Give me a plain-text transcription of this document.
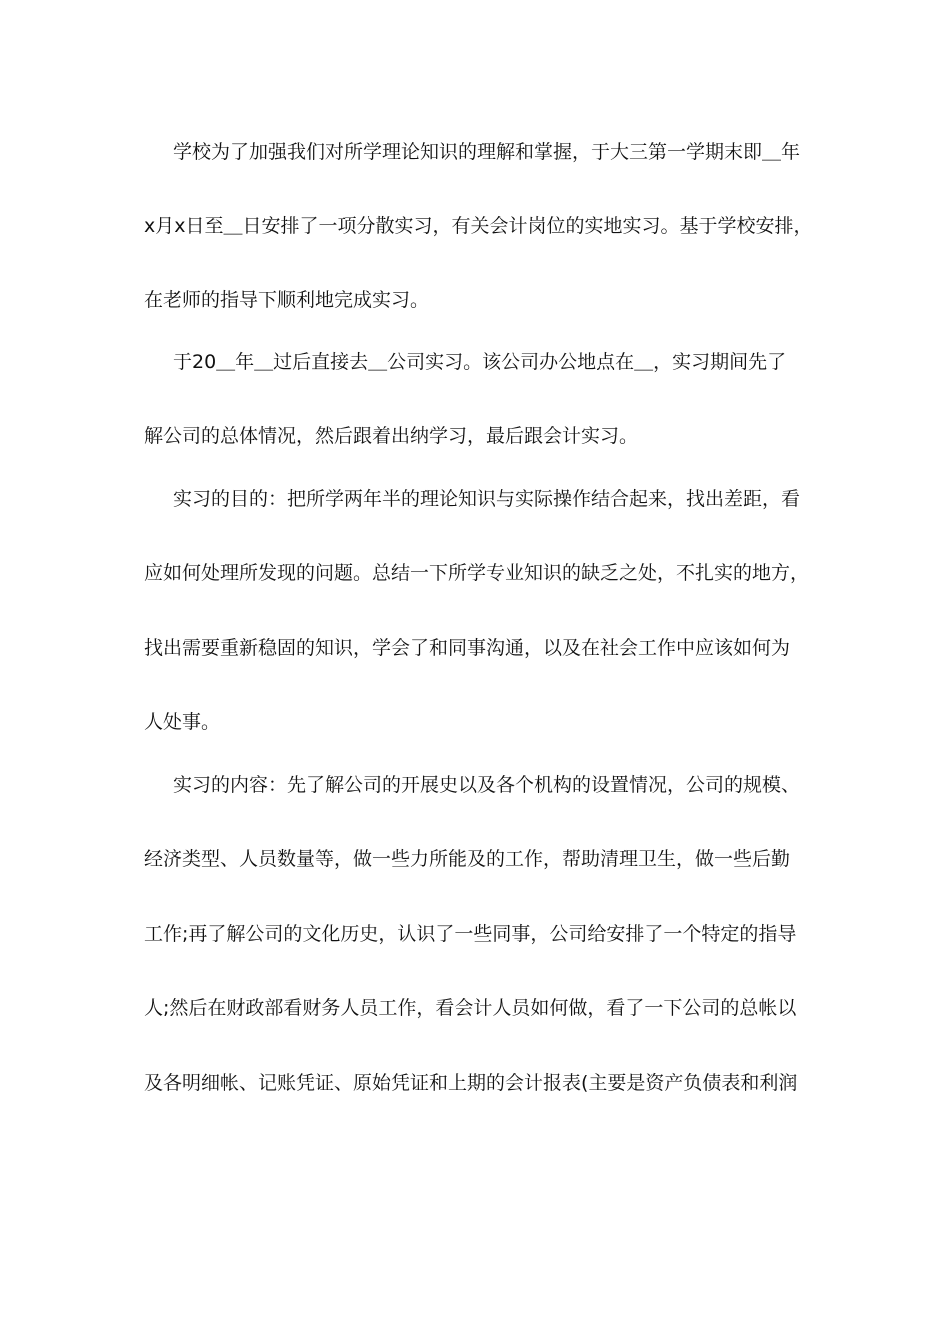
学校为了加强我们对所学理论知识的理解和掌握，于大三第一学期末即＿年
x月x日至＿日安排了一项分散实习，有关会计岗位的实地实习。基于学校安排，
在老师的指导下顺利地完成实习。
于20＿年＿过后直接去＿公司实习。该公司办公地点在＿，实习期间先了
解公司的总体情况，然后跟着出纳学习，最后跟会计实习。
实习的目的：把所学两年半的理论知识与实际操作结合起来，找出差距，看
应如何处理所发现的问题。总结一下所学专业知识的缺乏之处，不扎实的地方，
找出需要重新稳固的知识，学会了和同事沟通，以及在社会工作中应该如何为
人处事。
实习的内容：先了解公司的开展史以及各个机构的设置情况，公司的规模、
经济类型、人员数量等，做一些力所能及的工作，帮助清理卫生，做一些后勤
工作;再了解公司的文化历史，认识了一些同事，公司给安排了一个特定的指导
人;然后在财政部看财务人员工作，看会计人员如何做，看了一下公司的总帐以
及各明细帐、记账凭证、原始凭证和上期的会计报表(主要是资产负债表和利润
